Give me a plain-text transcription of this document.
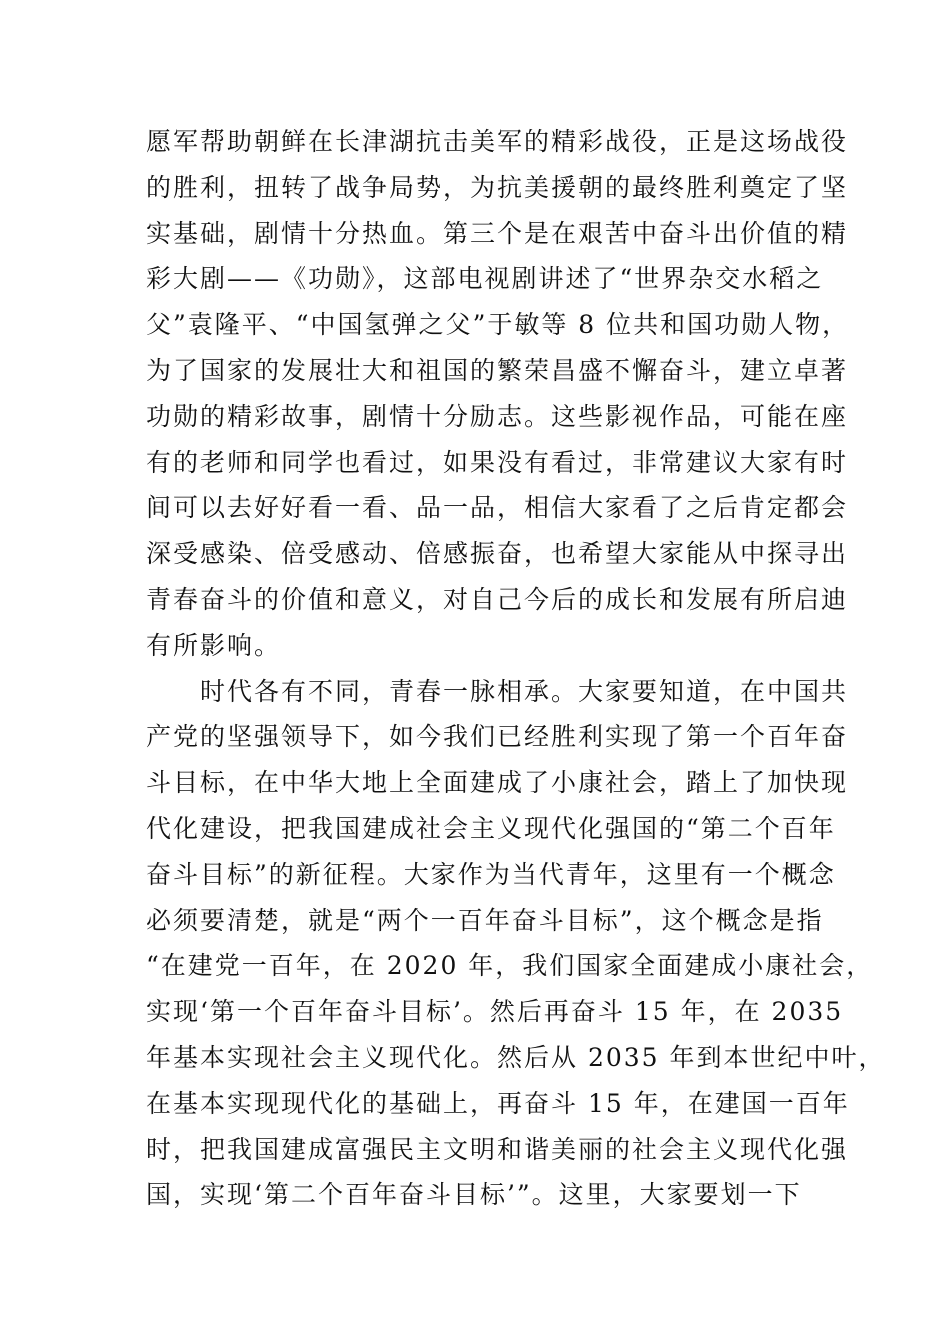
愿军帮助朝鲜在长津湖抗击美军的精彩战役，正是这场战役
的胜利，扭转了战争局势，为抗美援朝的最终胜利奠定了坚
实基础，剧情十分热血。第三个是在艰苦中奋斗出价值的精
彩大剧——《功勋》，这部电视剧讲述了“世界杂交水稻之
父”袁隆平、“中国氢弹之父”于敏等 8 位共和国功勋人物，
为了国家的发展壮大和祖国的繁荣昌盛不懈奋斗，建立卓著
功勋的精彩故事，剧情十分励志。这些影视作品，可能在座
有的老师和同学也看过，如果没有看过，非常建议大家有时
间可以去好好看一看、品一品，相信大家看了之后肯定都会
深受感染、倍受感动、倍感振奋，也希望大家能从中探寻出
青春奋斗的价值和意义，对自己今后的成长和发展有所启迪
有所影响。
　　时代各有不同，青春一脉相承。大家要知道，在中国共
产党的坚强领导下，如今我们已经胜利实现了第一个百年奋
斗目标，在中华大地上全面建成了小康社会，踏上了加快现
代化建设，把我国建成社会主义现代化强国的“第二个百年
奋斗目标”的新征程。大家作为当代青年，这里有一个概念
必须要清楚，就是“两个一百年奋斗目标”，这个概念是指
“在建党一百年，在 2020 年，我们国家全面建成小康社会，
实现‘第一个百年奋斗目标’。然后再奋斗 15 年，在 2035
年基本实现社会主义现代化。然后从 2035 年到本世纪中叶，
在基本实现现代化的基础上，再奋斗 15 年，在建国一百年
时，把我国建成富强民主文明和谐美丽的社会主义现代化强
国，实现‘第二个百年奋斗目标’”。这里，大家要划一下
